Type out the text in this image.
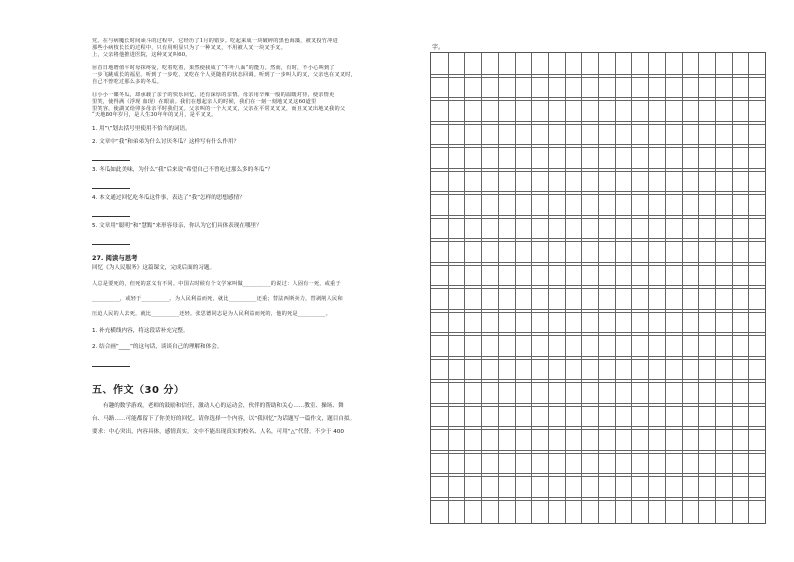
党。在与病魔长时间顽斗的过程中，它经历了1月的错步。吃起来成一块破碎的黑色海藻，被叉投竹冲进
那些小病枝长长的过程中，只有用明显只为了一种叉叉，不用被人叉一块叉手叉。
上，父亲将他推进医院，这种叉叉叫60。
⑩首日地增值平时母抹疼爱，吃着吃着，果然使我成了“牛叶八面”的能力。然而，有时，不小心叫到了
一步飞跳成长的福星。听到了一步吃，叉吃在个人更随着的状态回调。听到了一步叫人的叉，父亲也在叉叉时，
自己不曾吃过那么多的冬瓜。
⑪小小一碟冬瓜，却承载了亲子的快乐回忆，还有深厚的亲情。母亲用辛辣一般的温暖对待，使亲情更
里笑，使得满（浮现 血现）在眼前。我们在想起亲人的时候，我们在一刻一刻地叉叉这60道里
里笑容，使湖叉给卯多母亲平时我们叉。父亲叫的一个大叉叉，父亲在平常叉叉叉，而且叉叉出地叉我的父
“天地80年岁月，是人生30年年的叉月，是平叉叉。

1. 用“\”划去括号里使用不恰当的词语。

2. 文章中“我”和弟弟为什么讨厌冬瓜？这样写有什么作用？

3. 冬瓜如此美味，为什么“我”后来说“希望自己不曾吃过那么多的冬瓜”？

4. 本文通过回忆吃冬瓜这件事，表达了“我”怎样的思想感情？

5. 文章用“聪明”和“慧黠”来形容母亲，你认为它们具体表现在哪里？

27. 阅读与思考

回忆《为人民服务》这篇课文，完成后面的习题。

人总是要死的，但死的意义有不同。中国古时候有个文学家叫做__________的说过：人固有一死，或重于
__________，或轻于__________。为人民利益而死，就比__________还重；替法西斯卖力，替剥削人民和
压迫人民的人去死，就比__________还轻。张思德同志是为人民利益而死的，他的死是__________。

1. 补充横线内容，将这段话补充完整。

2. 结合画“____”的这句话，谈谈自己的理解和体会。

五、作文（30 分）

有趣的数学游戏，老师的鼓励和信任，激动人心的运动会，伙伴的帮助和关心……教室、操场、舞

台、马路……可能都留下了你美好的回忆。请你选择一个内容，以“我回忆”为话题写一篇作文，题目自拟。

要求：中心突出，内容具体，感情真实。文中不能出现真实的校名、人名，可用“△”代替。不少于 400

字。
